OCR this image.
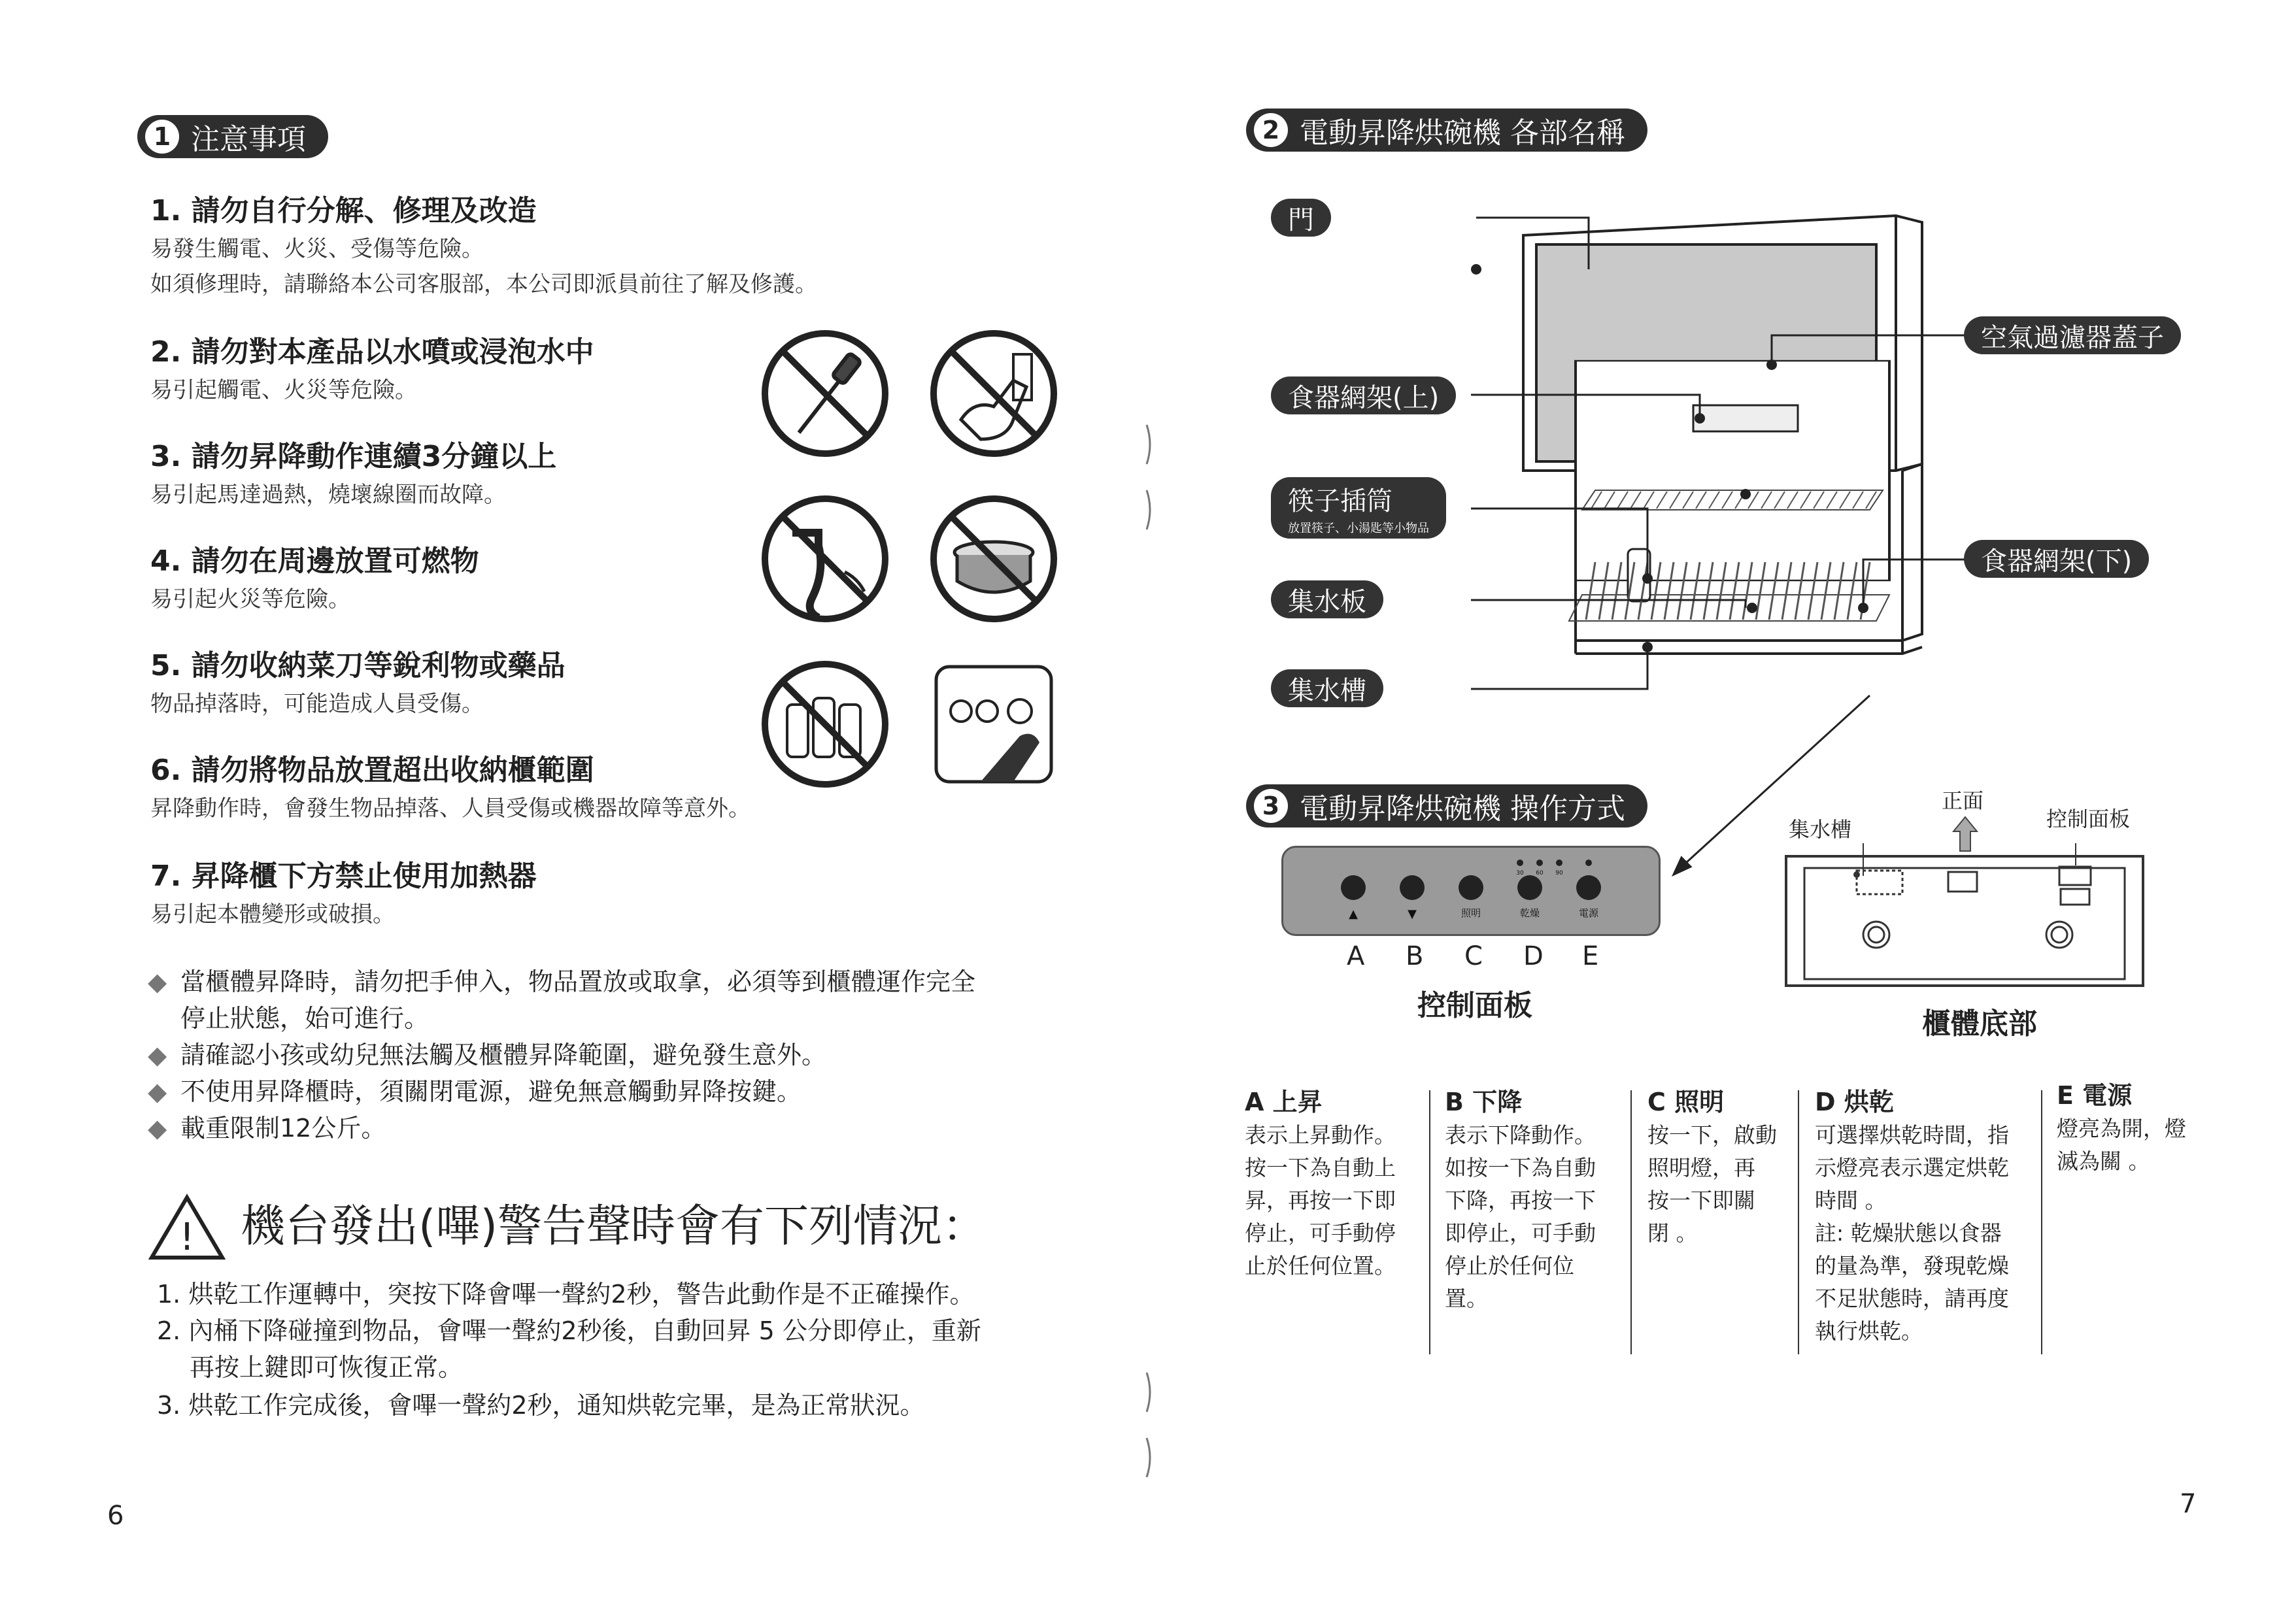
1 注意事項
1. 請勿自行分解、修理及改造
易發生觸電、火災、受傷等危險。
如須修理時，請聯絡本公司客服部，本公司即派員前往了解及修護。
2. 請勿對本產品以水噴或浸泡水中
易引起觸電、火災等危險。
3. 請勿昇降動作連續3分鐘以上
易引起馬達過熱，燒壞線圈而故障。
4. 請勿在周邊放置可燃物
易引起火災等危險。
5. 請勿收納菜刀等銳利物或藥品
物品掉落時，可能造成人員受傷。
6. 請勿將物品放置超出收納櫃範圍
昇降動作時，會發生物品掉落、人員受傷或機器故障等意外。
7. 昇降櫃下方禁止使用加熱器
易引起本體變形或破損。
◆ 當櫃體昇降時，請勿把手伸入，物品置放或取拿，必須等到櫃體運作完全
停止狀態，始可進行。
◆ 請確認小孩或幼兒無法觸及櫃體昇降範圍，避免發生意外。
◆ 不使用昇降櫃時，須關閉電源，避免無意觸動昇降按鍵。
◆ 載重限制12公斤。
! 機台發出(嗶)警告聲時會有下列情況：
1. 烘乾工作運轉中，突按下降會嗶一聲約2秒，警告此動作是不正確操作。
2. 內桶下降碰撞到物品，會嗶一聲約2秒後，自動回昇 5 公分即停止，重新
再按上鍵即可恢復正常。
3. 烘乾工作完成後，會嗶一聲約2秒，通知烘乾完畢，是為正常狀況。
6
2 電動昇降烘碗機 各部名稱
門
空氣過濾器蓋子
食器網架(上)
筷子插筒
放置筷子、小湯匙等小物品
食器網架(下)
集水板
集水槽
3 電動昇降烘碗機 操作方式
30 60 90
▲	▼	照明	乾燥	電源
A B C D E
控制面板
正面
集水槽	控制面板
櫃體底部
A 上昇
表示上昇動作。
按一下為自動上
昇，再按一下即
停止，可手動停
止於任何位置。
B 下降
表示下降動作。
如按一下為自動
下降，再按一下
即停止，可手動
停止於任何位
置。
C 照明
按一下，啟動
照明燈，再
按一下即關
閉 。
D 烘乾
可選擇烘乾時間，指
示燈亮表示選定烘乾
時間 。
註: 乾燥狀態以食器
的量為準，發現乾燥
不足狀態時，請再度
執行烘乾。
E 電源
燈亮為開，燈
滅為關 。
7
